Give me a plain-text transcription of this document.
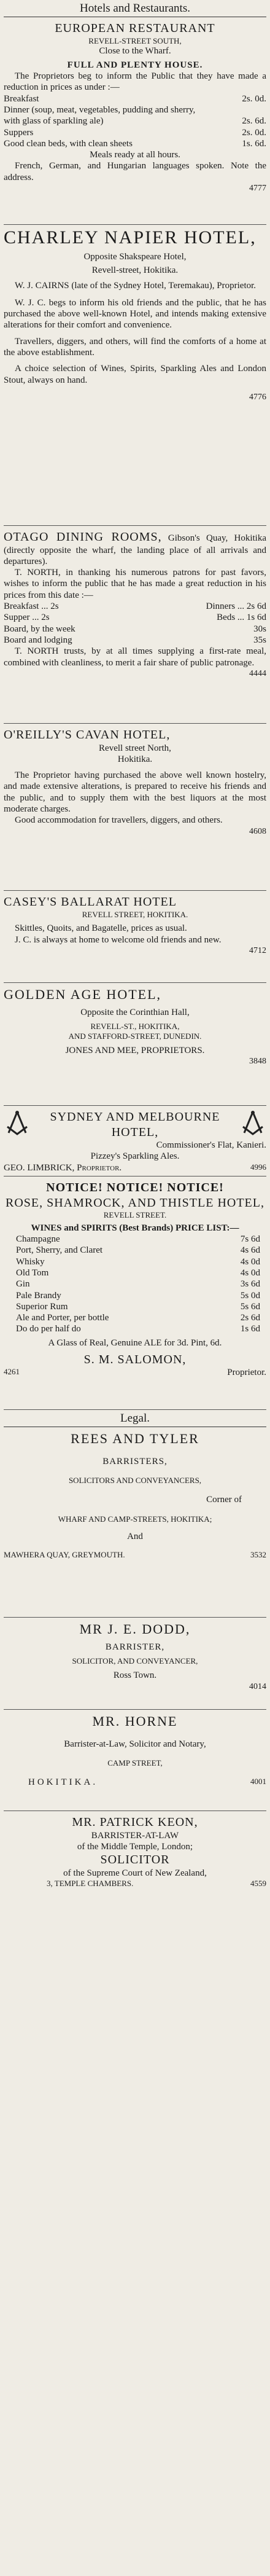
Hotels and Restaurants.

EUROPEAN RESTAURANT

REVELL-STREET SOUTH,

Close to the Wharf.

FULL AND PLENTY HOUSE.

The Proprietors beg to inform the Public that they have made a reduction in prices as under :—

Breakfast	2s. 0d.
Dinner (soup, meat, vegetables, pudding and sherry, with glass of sparkling ale)	2s. 6d.
Suppers	2s. 0d.
Good clean beds, with clean sheets	1s. 6d.

Meals ready at all hours.

French, German, and Hungarian languages spoken. Note the address.

4777

CHARLEY NAPIER HOTEL,

Opposite Shakspeare Hotel,

Revell-street, Hokitika.

W. J. CAIRNS (late of the Sydney Hotel, Teremakau), Proprietor.

W. J. C. begs to inform his old friends and the public, that he has purchased the above well-known Hotel, and intends making extensive alterations for their comfort and convenience.

Travellers, diggers, and others, will find the comforts of a home at the above establishment.

A choice selection of Wines, Spirits, Sparkling Ales and London Stout, always on hand.

4776

OTAGO DINING ROOMS, Gibson's Quay, Hokitika (directly opposite the wharf, the landing place of all arrivals and departures).

T. NORTH, in thanking his numerous patrons for past favors, wishes to inform the public that he has made a great reduction in his prices from this date :—

Breakfast ... 2s	Dinners ... 2s 6d
Supper ... 2s	Beds ... 1s 6d
Board, by the week	30s
Board and lodging	35s

T. NORTH trusts, by at all times supplying a first-rate meal, combined with cleanliness, to merit a fair share of public patronage.

4444

O'REILLY'S CAVAN HOTEL,

Revell street North,

Hokitika.

The Proprietor having purchased the above well known hostelry, and made extensive alterations, is prepared to receive his friends and the public, and to supply them with the best liquors at the most moderate charges.

Good accommodation for travellers, diggers, and others.

4608

CASEY'S BALLARAT HOTEL

REVELL STREET, HOKITIKA.

Skittles, Quoits, and Bagatelle, prices as usual.

J. C. is always at home to welcome old friends and new.

4712

GOLDEN AGE HOTEL,

Opposite the Corinthian Hall,

REVELL-ST., HOKITIKA,

AND STAFFORD-STREET, DUNEDIN.

JONES AND MEE, PROPRIETORS.

3848

SYDNEY AND MELBOURNE HOTEL,

Commissioner's Flat, Kanieri.

Pizzey's Sparkling Ales.

GEO. LIMBRICK, Proprietor.	4996

NOTICE! NOTICE! NOTICE!

ROSE, SHAMROCK, AND THISTLE HOTEL,

REVELL STREET.

WINES and SPIRITS (Best Brands) PRICE LIST:—

Champagne	7s 6d
Port, Sherry, and Claret	4s 6d
Whisky	4s 0d
Old Tom	4s 0d
Gin	3s 6d
Pale Brandy	5s 0d
Superior Rum	5s 6d
Ale and Porter, per bottle	2s 6d
Do do per half do	1s 6d

A Glass of Real, Genuine ALE for 3d. Pint, 6d.

S. M. SALOMON,

4261	Proprietor.
Legal.

REES AND TYLER

BARRISTERS,

SOLICITORS AND CONVEYANCERS,

Corner of

WHARF AND CAMP-STREETS, HOKITIKA;

And

MAWHERA QUAY, GREYMOUTH.	3532

MR J. E. DODD,

BARRISTER,

SOLICITOR, AND CONVEYANCER,

Ross Town.

4014

MR. HORNE

Barrister-at-Law, Solicitor and Notary,

CAMP STREET,

HOKITIKA.	4001

MR. PATRICK KEON,

BARRISTER-AT-LAW

of the Middle Temple, London;

SOLICITOR

of the Supreme Court of New Zealand,

3, TEMPLE CHAMBERS.	4559
